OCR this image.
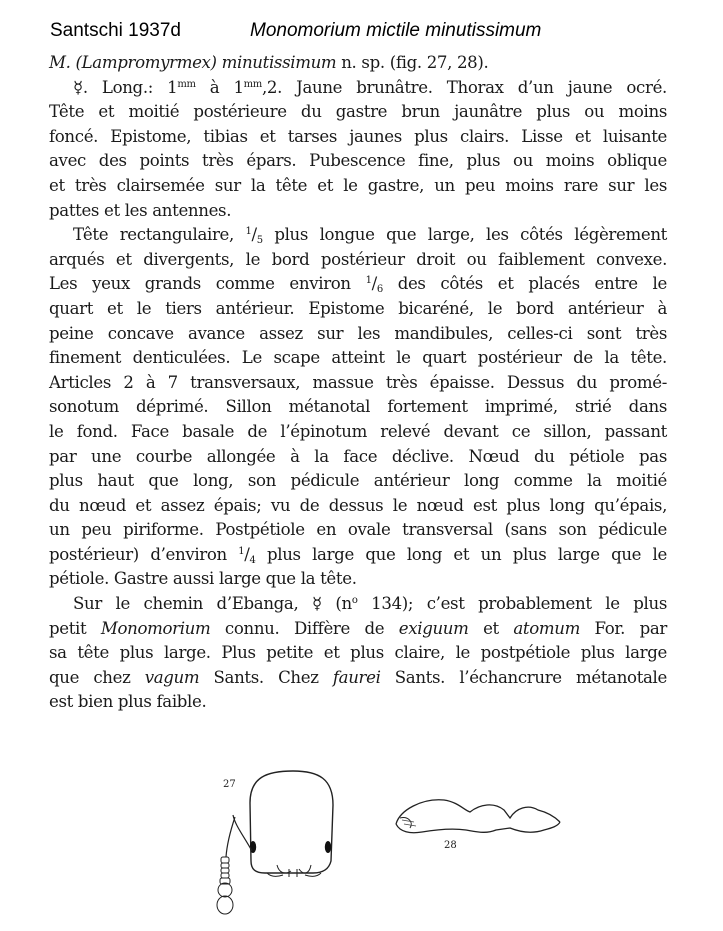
Santschi 1937d	Monomorium mictile minutissimum
M. (Lampromyrmex) minutissimum n. sp. (fig. 27, 28).
☿. Long.: $1^{mm}$ à $1^{mm},2$. Jaune brunâtre. Thorax d’un jaune ocré.
Tête et moitié postérieure du gastre brun jaunâtre plus ou moins
foncé. Epistome, tibias et tarses jaunes plus clairs. Lisse et luisante
avec des points très épars. Pubescence fine, plus ou moins oblique
et très clairsemée sur la tête et le gastre, un peu moins rare sur les
pattes et les antennes.
Tête rectangulaire, $^1/_5$ plus longue que large, les côtés légèrement
arqués et divergents, le bord postérieur droit ou faiblement convexe.
Les yeux grands comme environ $^1/_6$ des côtés et placés entre le
quart et le tiers antérieur. Epistome bicaréné, le bord antérieur à
peine concave avance assez sur les mandibules, celles-ci sont très
finement denticulées. Le scape atteint le quart postérieur de la tête.
Articles 2 à 7 transversaux, massue très épaisse. Dessus du promé-
sonotum déprimé. Sillon métanotal fortement imprimé, strié dans
le fond. Face basale de l’épinotum relevé devant ce sillon, passant
par une courbe allongée à la face déclive. Nœud du pétiole pas
plus haut que long, son pédicule antérieur long comme la moitié
du nœud et assez épais; vu de dessus le nœud est plus long qu’épais,
un peu piriforme. Postpétiole en ovale transversal (sans son pédicule
postérieur) d’environ $^1/_4$ plus large que long et un plus large que le
pétiole. Gastre aussi large que la tête.
Sur le chemin d’Ebanga, ☿ ($n^o$ 134); c’est probablement le plus
petit Monomorium connu. Diffère de exiguum et atomum For. par
sa tête plus large. Plus petite et plus claire, le postpétiole plus large
que chez vagum Sants. Chez faurei Sants. l’échancrure métanotale
est bien plus faible.
27
28
